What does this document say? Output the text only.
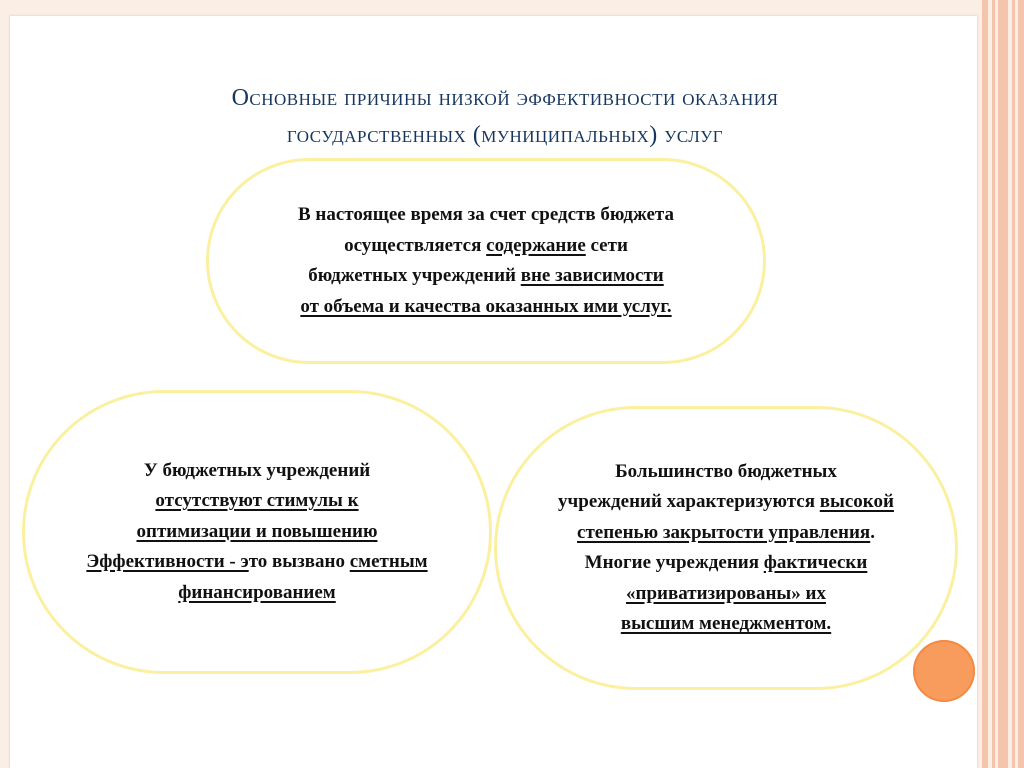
Основные причины низкой эффективности оказания
государственных (муниципальных) услуг
В настоящее время за счет средств бюджета
осуществляется содержание сети
бюджетных учреждений вне зависимости
от объема и качества оказанных ими услуг.
У бюджетных учреждений
отсутствуют стимулы к
оптимизации и повышению
Эффективности - это вызвано сметным
финансированием
Большинство бюджетных
учреждений характеризуются высокой
степенью закрытости управления.
Многие учреждения фактически
«приватизированы» их
высшим менеджментом.
